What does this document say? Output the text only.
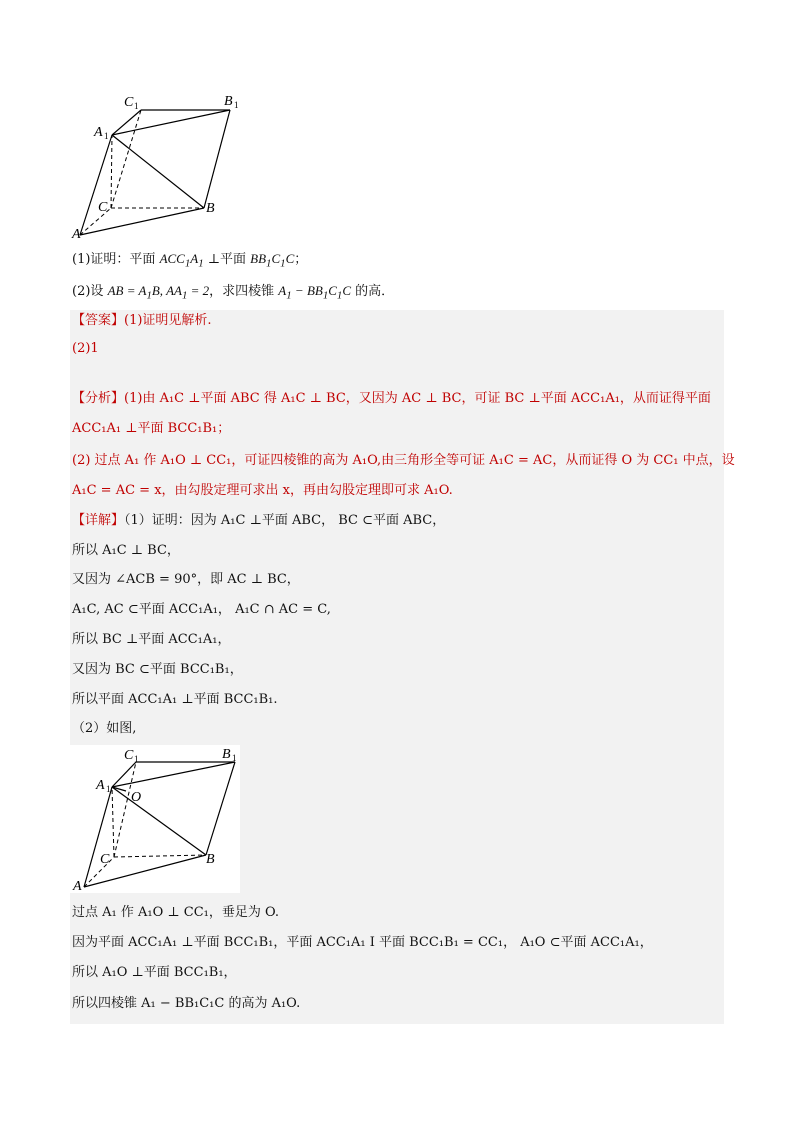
C 1	B 1
A 1
C	B
A
(1)证明：平面 $ACC_1A_1$ ⊥平面 $BB_1C_1C$；
(2)设 AB = $A_1B$, $AA_1 = 2$，求四棱锥 $A_1 - BB_1C_1C$ 的高．
【答案】(1)证明见解析.
(2)1
【分析】(1)由 A₁C ⊥平面 ABC 得 A₁C ⊥ BC，又因为 AC ⊥ BC，可证 BC ⊥平面 ACC₁A₁，从而证得平面
ACC₁A₁ ⊥平面 BCC₁B₁；
(2) 过点 A₁ 作 A₁O ⊥ CC₁，可证四棱锥的高为 A₁O,由三角形全等可证 A₁C = AC，从而证得 O 为 CC₁ 中点，设
A₁C = AC = x，由勾股定理可求出 x，再由勾股定理即可求 A₁O.
【详解】（1）证明：因为 A₁C ⊥平面 ABC， BC ⊂平面 ABC，
所以 A₁C ⊥ BC，
又因为 ∠ACB = 90°，即 AC ⊥ BC，
A₁C, AC ⊂平面 ACC₁A₁， A₁C ∩ AC = C,
所以 BC ⊥平面 ACC₁A₁，
又因为 BC ⊂平面 BCC₁B₁，
所以平面 ACC₁A₁ ⊥平面 BCC₁B₁.
（2）如图,
C 1	B 1
A 1
O
C	B
A
过点 A₁ 作 A₁O ⊥ CC₁，垂足为 O.
因为平面 ACC₁A₁ ⊥平面 BCC₁B₁，平面 ACC₁A₁ I 平面 BCC₁B₁ = CC₁， A₁O ⊂平面 ACC₁A₁，
所以 A₁O ⊥平面 BCC₁B₁，
所以四棱锥 A₁ − BB₁C₁C 的高为 A₁O.
